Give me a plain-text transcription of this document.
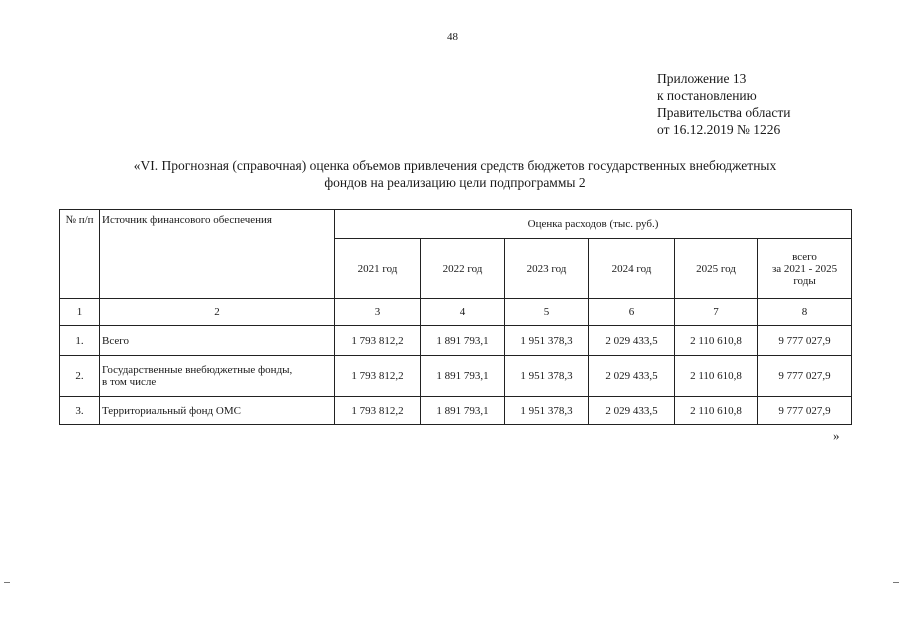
48
Приложение 13
к постановлению
Правительства области
от 16.12.2019 № 1226
«VI. Прогнозная (справочная) оценка объемов привлечения средств бюджетов государственных внебюджетных
фондов на реализацию цели подпрограммы 2
№ п/п	Источник финансового обеспечения	Оценка расходов (тыс. руб.)					
		2021 год	2022 год	2023 год	2024 год	2025 год	всего
за 2021 - 2025
годы

1	2	3	4	5	6	7	8
1.	Всего	1 793 812,2	1 891 793,1	1 951 378,3	2 029 433,5	2 110 610,8	9 777 027,9
2.	Государственные внебюджетные фонды,
в том числе	1 793 812,2	1 891 793,1	1 951 378,3	2 029 433,5	2 110 610,8	9 777 027,9
3.	Территориальный фонд ОМС	1 793 812,2	1 891 793,1	1 951 378,3	2 029 433,5	2 110 610,8	9 777 027,9
»
